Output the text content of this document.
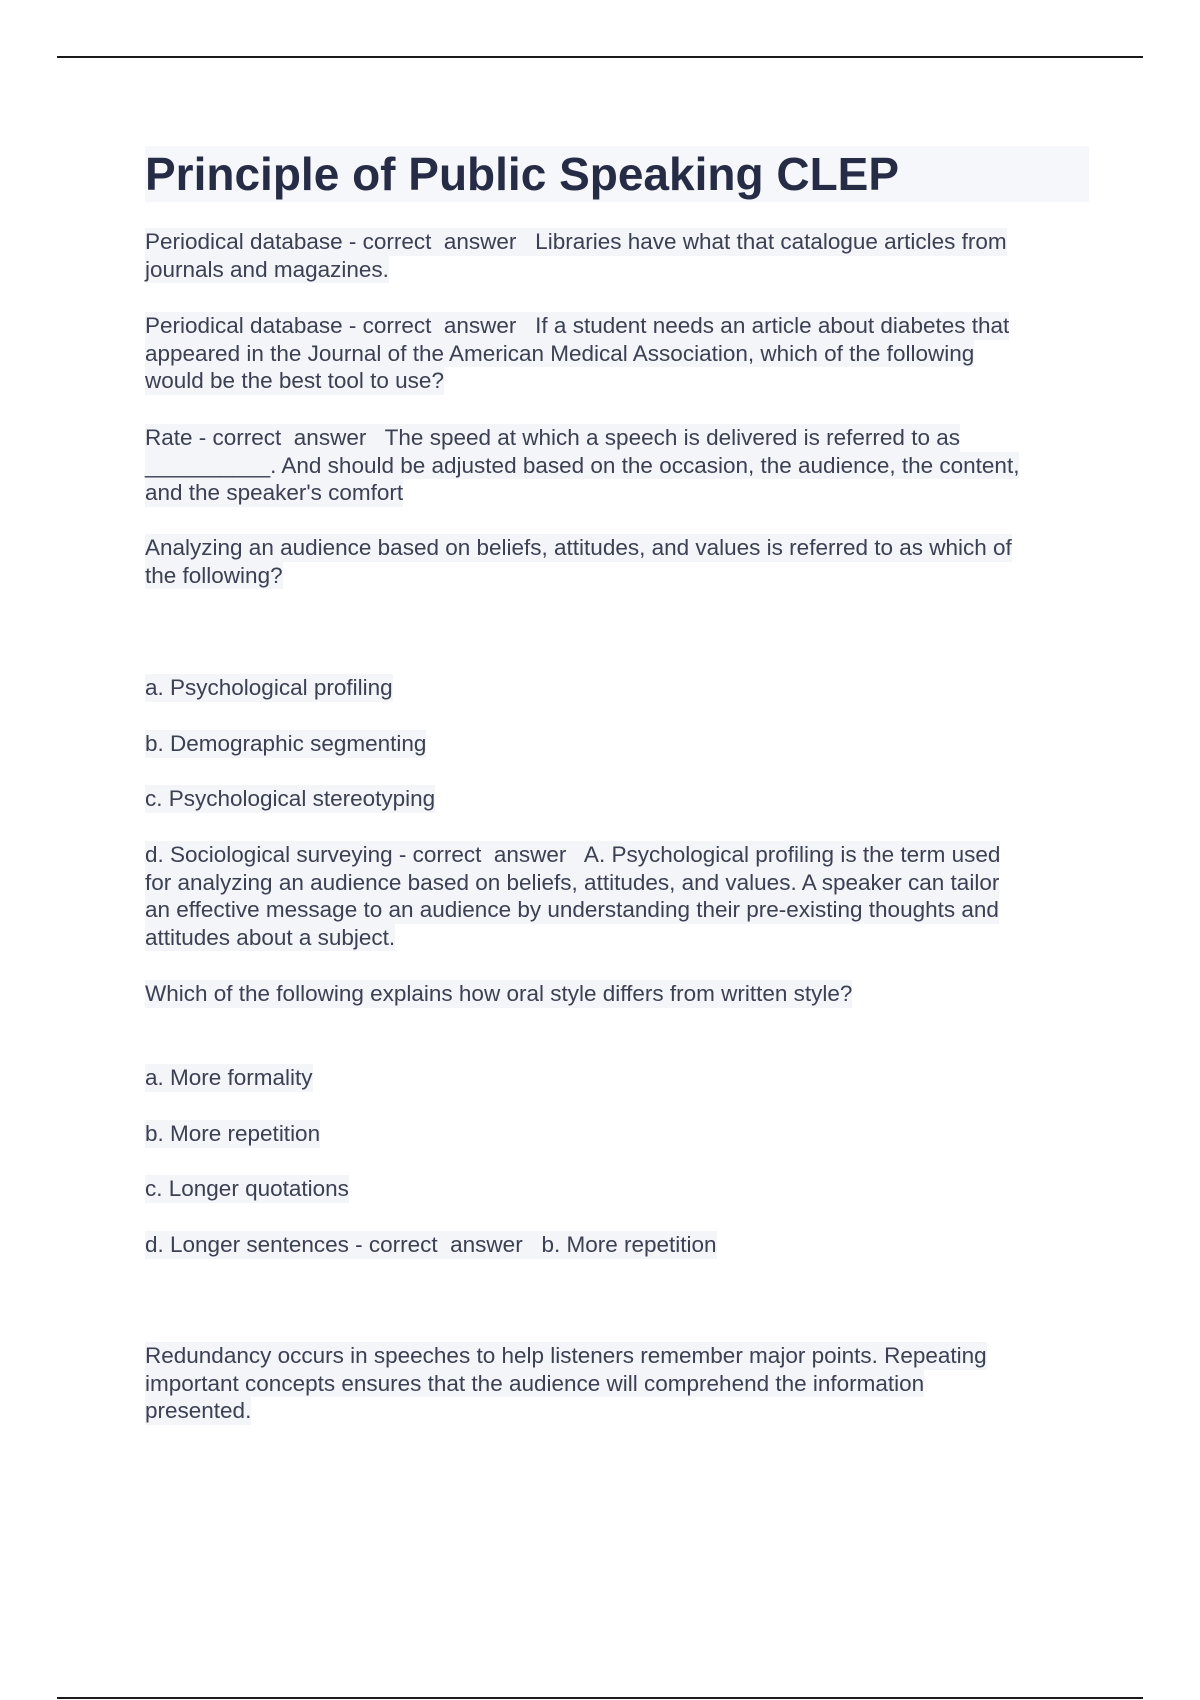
Principle of Public Speaking CLEP

Periodical database - correct  answer   Libraries have what that catalogue articles from
journals and magazines.

Periodical database - correct  answer   If a student needs an article about diabetes that
appeared in the Journal of the American Medical Association, which of the following
would be the best tool to use?

Rate - correct  answer   The speed at which a speech is delivered is referred to as
__________. And should be adjusted based on the occasion, the audience, the content,
and the speaker's comfort

Analyzing an audience based on beliefs, attitudes, and values is referred to as which of
the following?

a. Psychological profiling

b. Demographic segmenting

c. Psychological stereotyping

d. Sociological surveying - correct  answer   A. Psychological profiling is the term used
for analyzing an audience based on beliefs, attitudes, and values. A speaker can tailor
an effective message to an audience by understanding their pre-existing thoughts and
attitudes about a subject.

Which of the following explains how oral style differs from written style?

a. More formality

b. More repetition

c. Longer quotations

d. Longer sentences - correct  answer   b. More repetition

Redundancy occurs in speeches to help listeners remember major points. Repeating
important concepts ensures that the audience will comprehend the information
presented.
